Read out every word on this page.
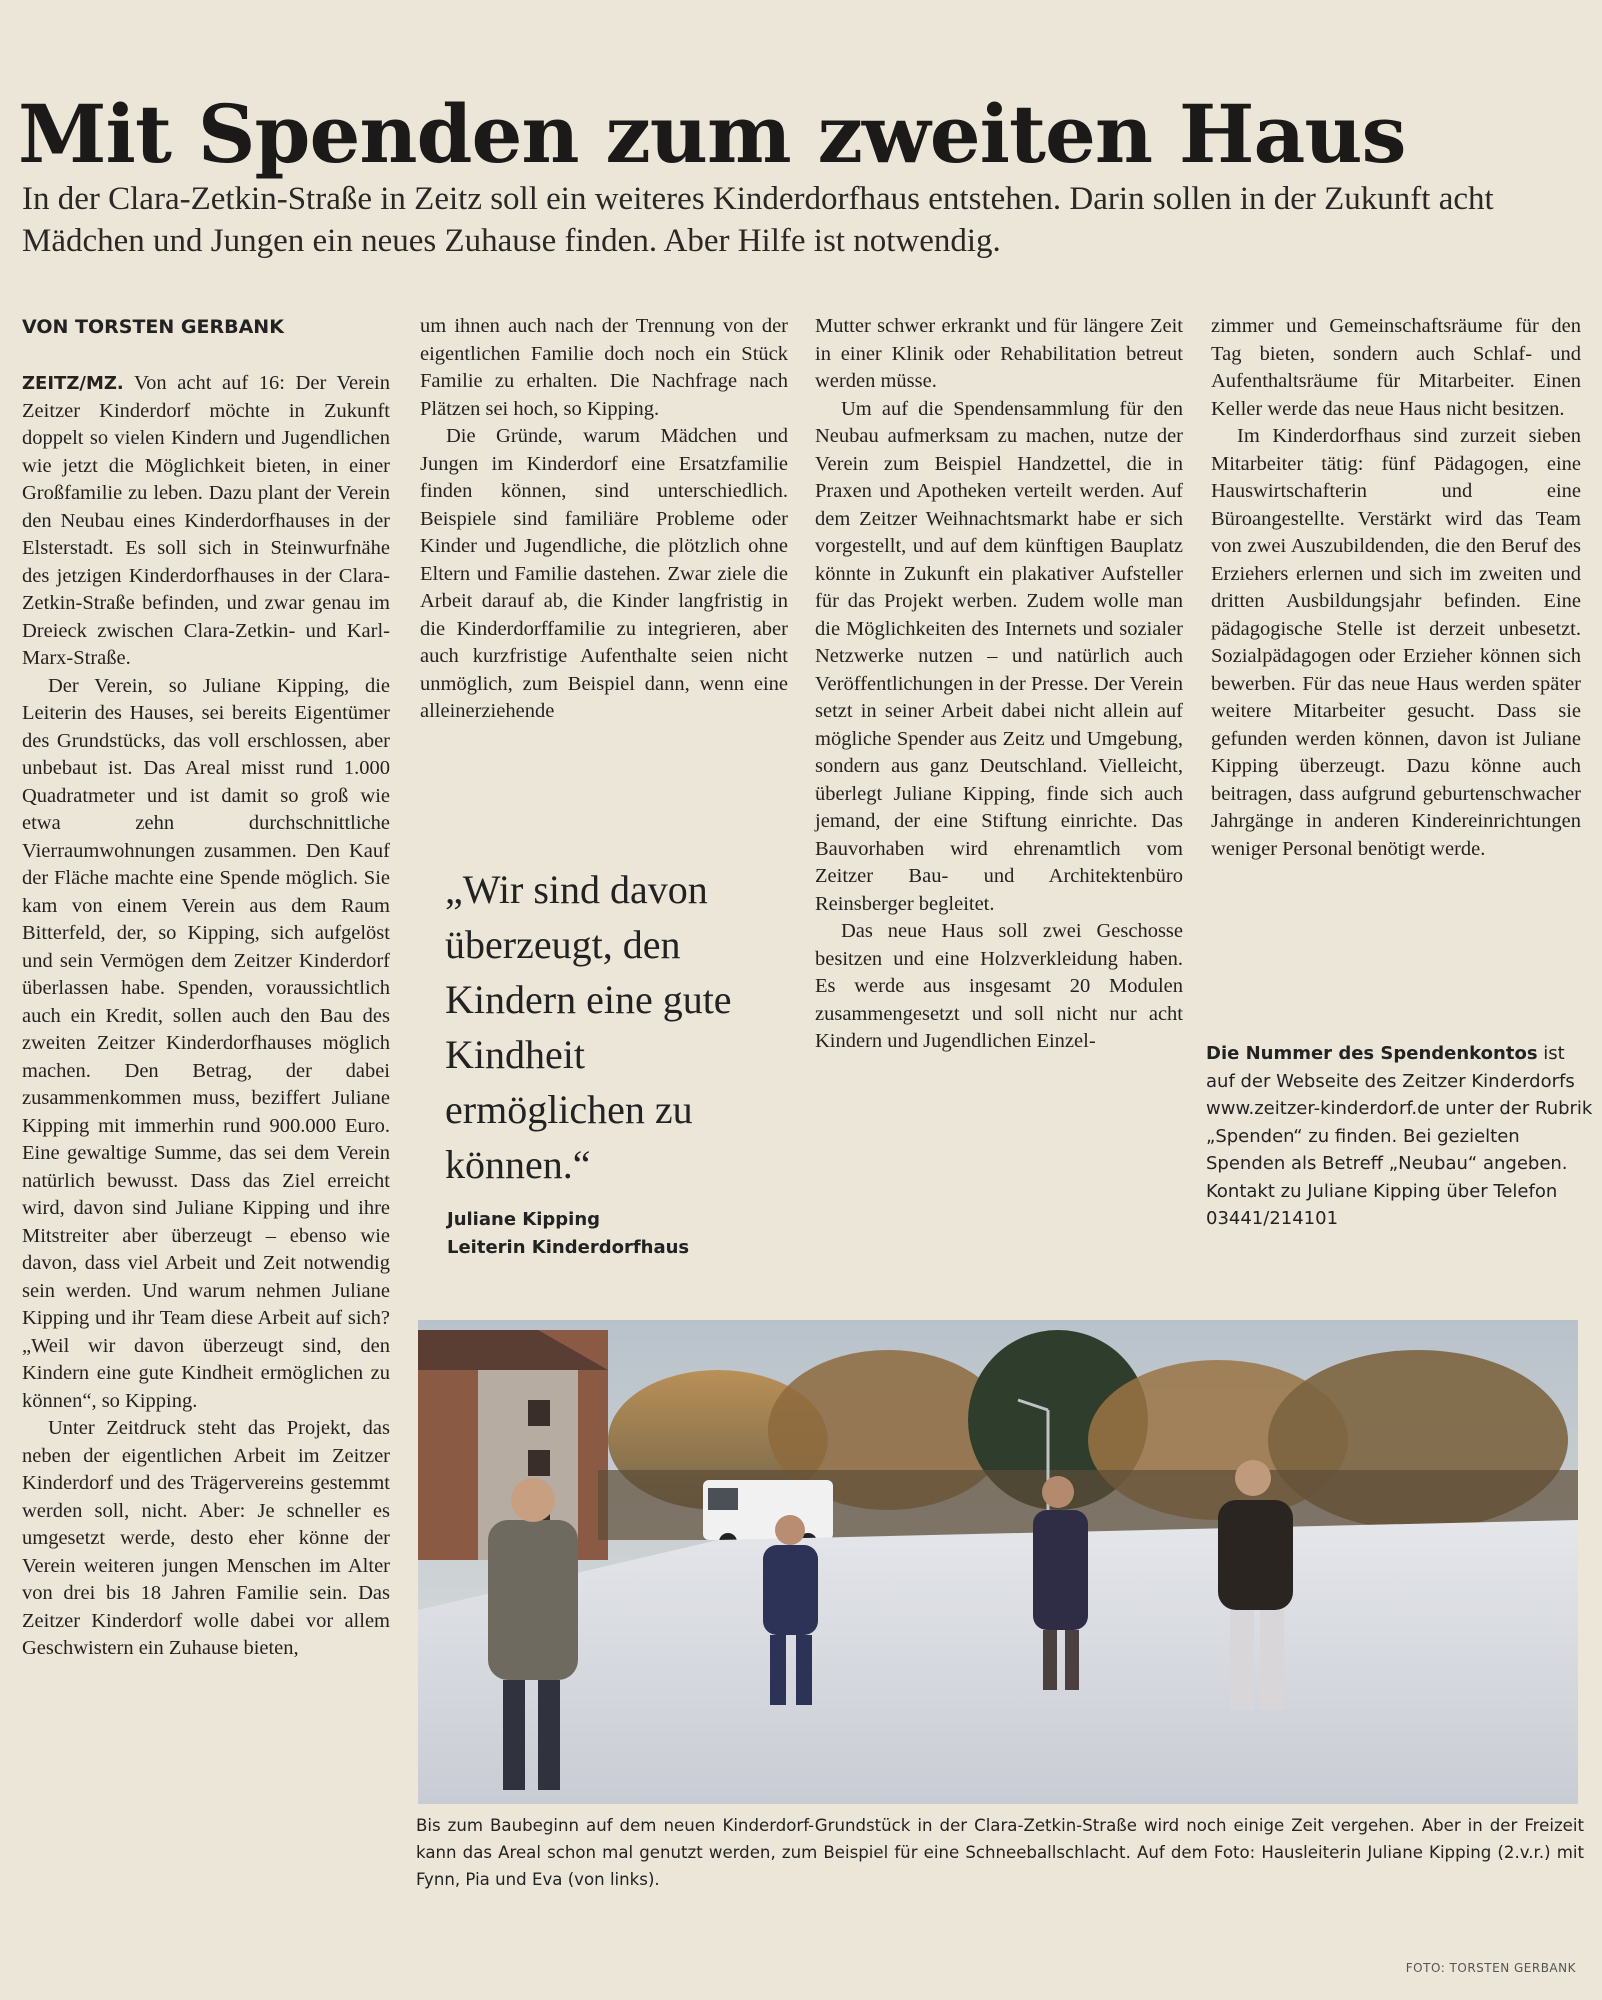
Mit Spenden zum zweiten Haus
In der Clara-Zetkin-Straße in Zeitz soll ein weiteres Kinderdorfhaus entstehen. Darin sollen in der Zukunft acht Mädchen und Jungen ein neues Zuhause finden. Aber Hilfe ist notwendig.
VON TORSTEN GERBANK

ZEITZ/MZ. Von acht auf 16: Der Verein Zeitzer Kinderdorf möchte in Zukunft doppelt so vielen Kindern und Jugendlichen wie jetzt die Möglichkeit bieten, in einer Großfamilie zu leben. Dazu plant der Verein den Neubau eines Kinderdorfhauses in der Elsterstadt. Es soll sich in Steinwurfnähe des jetzigen Kinderdorfhauses in der Clara-Zetkin-Straße befinden, und zwar genau im Dreieck zwischen Clara-Zetkin- und Karl-Marx-Straße.

Der Verein, so Juliane Kipping, die Leiterin des Hauses, sei bereits Eigentümer des Grundstücks, das voll erschlossen, aber unbebaut ist. Das Areal misst rund 1.000 Quadratmeter und ist damit so groß wie etwa zehn durchschnittliche Vierraumwohnungen zusammen. Den Kauf der Fläche machte eine Spende möglich. Sie kam von einem Verein aus dem Raum Bitterfeld, der, so Kipping, sich aufgelöst und sein Vermögen dem Zeitzer Kinderdorf überlassen habe. Spenden, voraussichtlich auch ein Kredit, sollen auch den Bau des zweiten Zeitzer Kinderdorfhauses möglich machen. Den Betrag, der dabei zusammenkommen muss, beziffert Juliane Kipping mit immerhin rund 900.000 Euro. Eine gewaltige Summe, das sei dem Verein natürlich bewusst. Dass das Ziel erreicht wird, davon sind Juliane Kipping und ihre Mitstreiter aber überzeugt – ebenso wie davon, dass viel Arbeit und Zeit notwendig sein werden. Und warum nehmen Juliane Kipping und ihr Team diese Arbeit auf sich? „Weil wir davon überzeugt sind, den Kindern eine gute Kindheit ermöglichen zu können“, so Kipping.

Unter Zeitdruck steht das Projekt, das neben der eigentlichen Arbeit im Zeitzer Kinderdorf und des Trägervereins gestemmt werden soll, nicht. Aber: Je schneller es umgesetzt werde, desto eher könne der Verein weiteren jungen Menschen im Alter von drei bis 18 Jahren Familie sein. Das Zeitzer Kinderdorf wolle dabei vor allem Geschwistern ein Zuhause bieten,

um ihnen auch nach der Trennung von der eigentlichen Familie doch noch ein Stück Familie zu erhalten. Die Nachfrage nach Plätzen sei hoch, so Kipping.

Die Gründe, warum Mädchen und Jungen im Kinderdorf eine Ersatzfamilie finden können, sind unterschiedlich. Beispiele sind familiäre Probleme oder Kinder und Jugendliche, die plötzlich ohne Eltern und Familie dastehen. Zwar ziele die Arbeit darauf ab, die Kinder langfristig in die Kinderdorffamilie zu integrieren, aber auch kurzfristige Aufenthalte seien nicht unmöglich, zum Beispiel dann, wenn eine alleinerziehende

„Wir sind davon überzeugt, den Kindern eine gute Kindheit ermöglichen zu können.“
Juliane Kipping
Leiterin Kinderdorfhaus

Mutter schwer erkrankt und für längere Zeit in einer Klinik oder Rehabilitation betreut werden müsse.

Um auf die Spendensammlung für den Neubau aufmerksam zu machen, nutze der Verein zum Beispiel Handzettel, die in Praxen und Apotheken verteilt werden. Auf dem Zeitzer Weihnachtsmarkt habe er sich vorgestellt, und auf dem künftigen Bauplatz könnte in Zukunft ein plakativer Aufsteller für das Projekt werben. Zudem wolle man die Möglichkeiten des Internets und sozialer Netzwerke nutzen – und natürlich auch Veröffentlichungen in der Presse. Der Verein setzt in seiner Arbeit dabei nicht allein auf mögliche Spender aus Zeitz und Umgebung, sondern aus ganz Deutschland. Vielleicht, überlegt Juliane Kipping, finde sich auch jemand, der eine Stiftung einrichte. Das Bauvorhaben wird ehrenamtlich vom Zeitzer Bau- und Architektenbüro Reinsberger begleitet.

Das neue Haus soll zwei Geschosse besitzen und eine Holzverkleidung haben. Es werde aus insgesamt 20 Modulen zusammengesetzt und soll nicht nur acht Kindern und Jugendlichen Einzel-

zimmer und Gemeinschaftsräume für den Tag bieten, sondern auch Schlaf- und Aufenthaltsräume für Mitarbeiter. Einen Keller werde das neue Haus nicht besitzen.

Im Kinderdorfhaus sind zurzeit sieben Mitarbeiter tätig: fünf Pädagogen, eine Hauswirtschafterin und eine Büroangestellte. Verstärkt wird das Team von zwei Auszubildenden, die den Beruf des Erziehers erlernen und sich im zweiten und dritten Ausbildungsjahr befinden. Eine pädagogische Stelle ist derzeit unbesetzt. Sozialpädagogen oder Erzieher können sich bewerben. Für das neue Haus werden später weitere Mitarbeiter gesucht. Dass sie gefunden werden können, davon ist Juliane Kipping überzeugt. Dazu könne auch beitragen, dass aufgrund geburtenschwacher Jahrgänge in anderen Kindereinrichtungen weniger Personal benötigt werde.

Die Nummer des Spendenkontos ist auf der Webseite des Zeitzer Kinderdorfs www.zeitzer-kinderdorf.de unter der Rubrik „Spenden“ zu finden. Bei gezielten Spenden als Betreff „Neubau“ angeben. Kontakt zu Juliane Kipping über Telefon 03441/214101
Bis zum Baubeginn auf dem neuen Kinderdorf-Grundstück in der Clara-Zetkin-Straße wird noch einige Zeit vergehen. Aber in der Freizeit kann das Areal schon mal genutzt werden, zum Beispiel für eine Schneeballschlacht. Auf dem Foto: Hausleiterin Juliane Kipping (2.v.r.) mit Fynn, Pia und Eva (von links).
FOTO: TORSTEN GERBANK
